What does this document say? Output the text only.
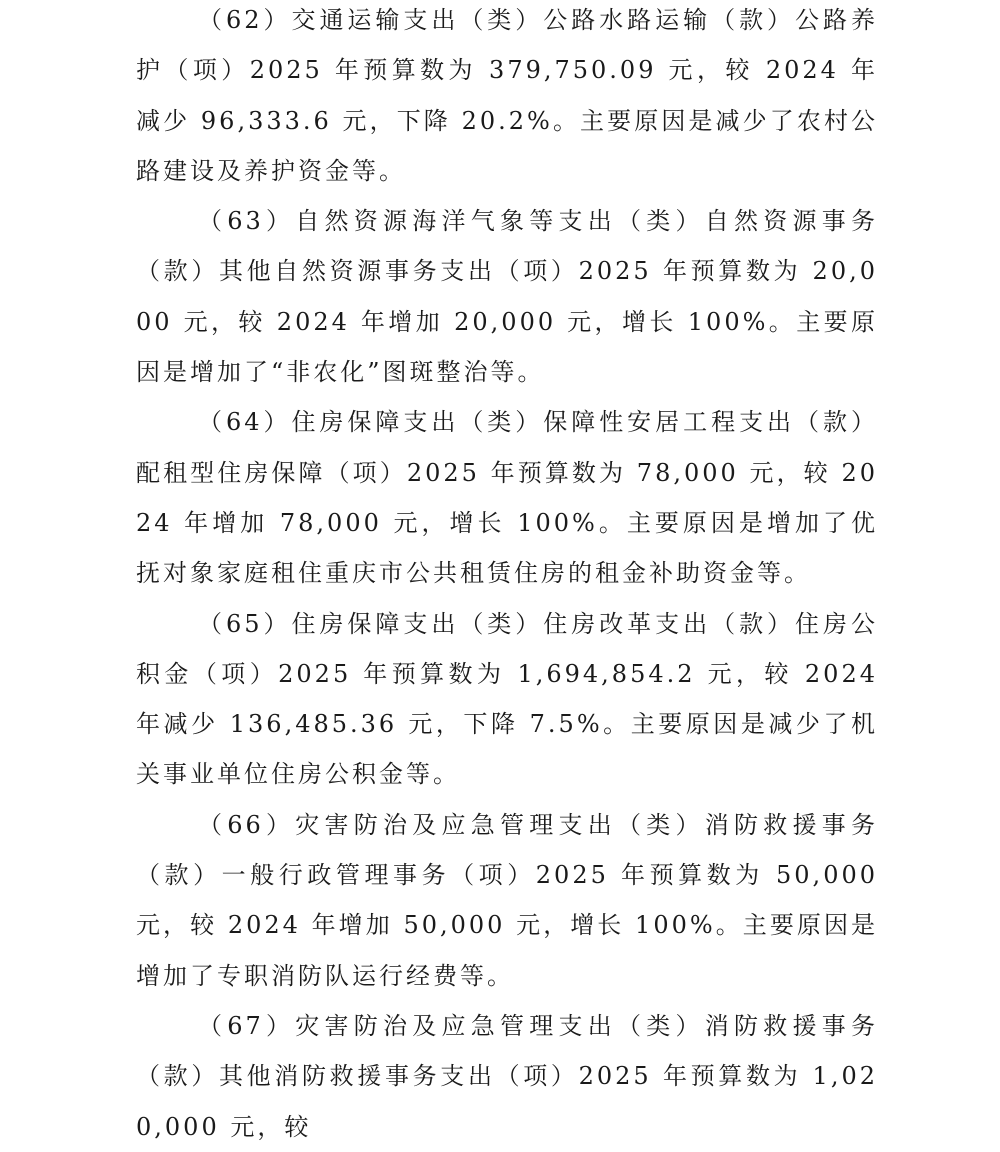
（62）交通运输支出（类）公路水路运输（款）公路养护（项）2025 年预算数为 379,750.09 元，较 2024 年减少 96,333.6 元，下降 20.2%。主要原因是减少了农村公路建设及养护资金等。

（63）自然资源海洋气象等支出（类）自然资源事务（款）其他自然资源事务支出（项）2025 年预算数为 20,000 元，较 2024 年增加 20,000 元，增长 100%。主要原因是增加了“非农化”图斑整治等。

（64）住房保障支出（类）保障性安居工程支出（款）配租型住房保障（项）2025 年预算数为 78,000 元，较 2024 年增加 78,000 元，增长 100%。主要原因是增加了优抚对象家庭租住重庆市公共租赁住房的租金补助资金等。

（65）住房保障支出（类）住房改革支出（款）住房公积金（项）2025 年预算数为 1,694,854.2 元，较 2024 年减少 136,485.36 元，下降 7.5%。主要原因是减少了机关事业单位住房公积金等。

（66）灾害防治及应急管理支出（类）消防救援事务（款）一般行政管理事务（项）2025 年预算数为 50,000 元，较 2024 年增加 50,000 元，增长 100%。主要原因是增加了专职消防队运行经费等。

（67）灾害防治及应急管理支出（类）消防救援事务（款）其他消防救援事务支出（项）2025 年预算数为 1,020,000 元，较
